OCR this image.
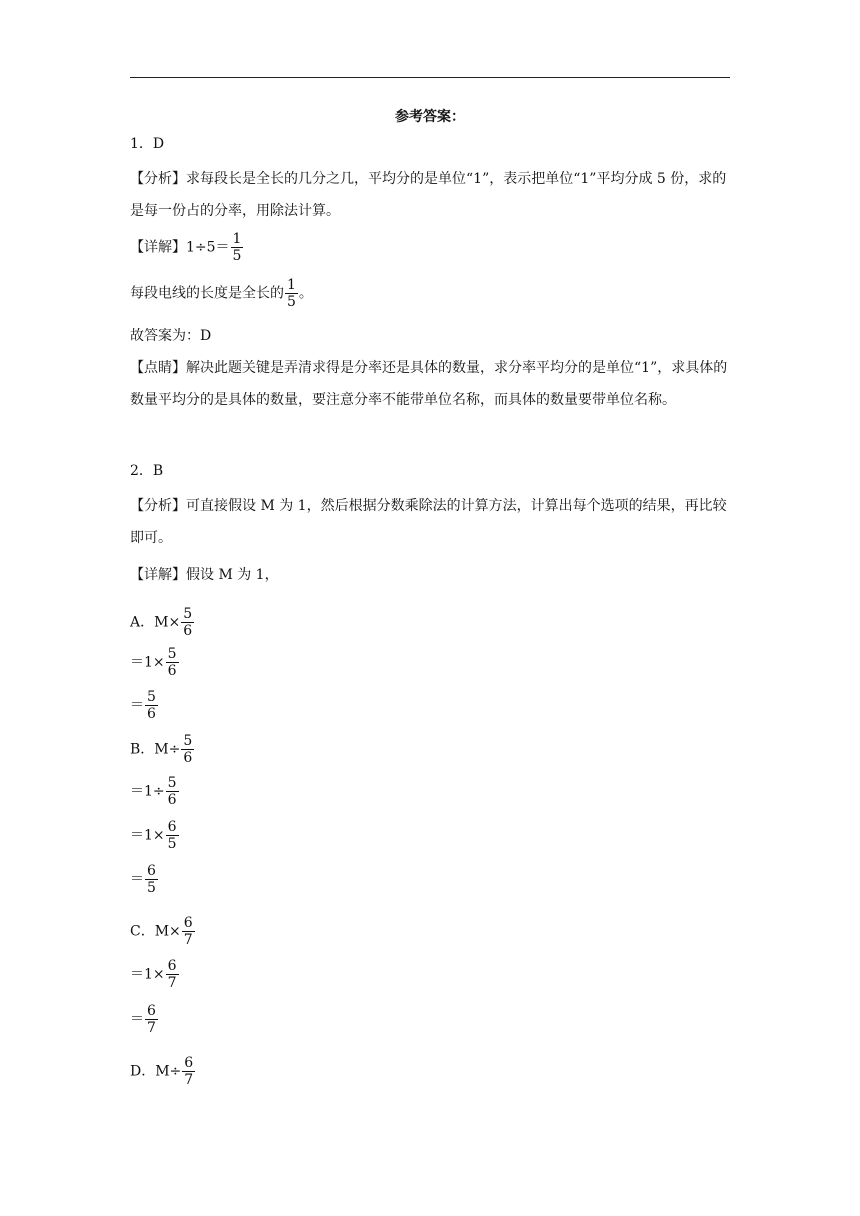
参考答案：
1．D
【分析】求每段长是全长的几分之几，平均分的是单位“1”，表示把单位“1”平均分成 5 份，求的是每一份占的分率，用除法计算。
【详解】$1\div 5= \frac{1}{5}$
每段电线的长度是全长的 $\frac{1}{5}$ 。
故答案为：D
【点睛】解决此题关键是弄清求得是分率还是具体的数量，求分率平均分的是单位“1”，求具体的数量平均分的是具体的数量，要注意分率不能带单位名称，而具体的数量要带单位名称。
2．B
【分析】可直接假设 M 为 1，然后根据分数乘除法的计算方法，计算出每个选项的结果，再比较即可。
【详解】假设 M 为 1，
A．$M\times \frac{5}{6}$
$=1\times \frac{5}{6}$
＝ $\frac{5}{6}$
B．$M\div \frac{5}{6}$
$=1\div \frac{5}{6}$
$=1\times \frac{6}{5}$
＝ $\frac{6}{5}$
C．$M\times \frac{6}{7}$
$=1\times \frac{6}{7}$
＝ $\frac{6}{7}$
D．$M\div \frac{6}{7}$
